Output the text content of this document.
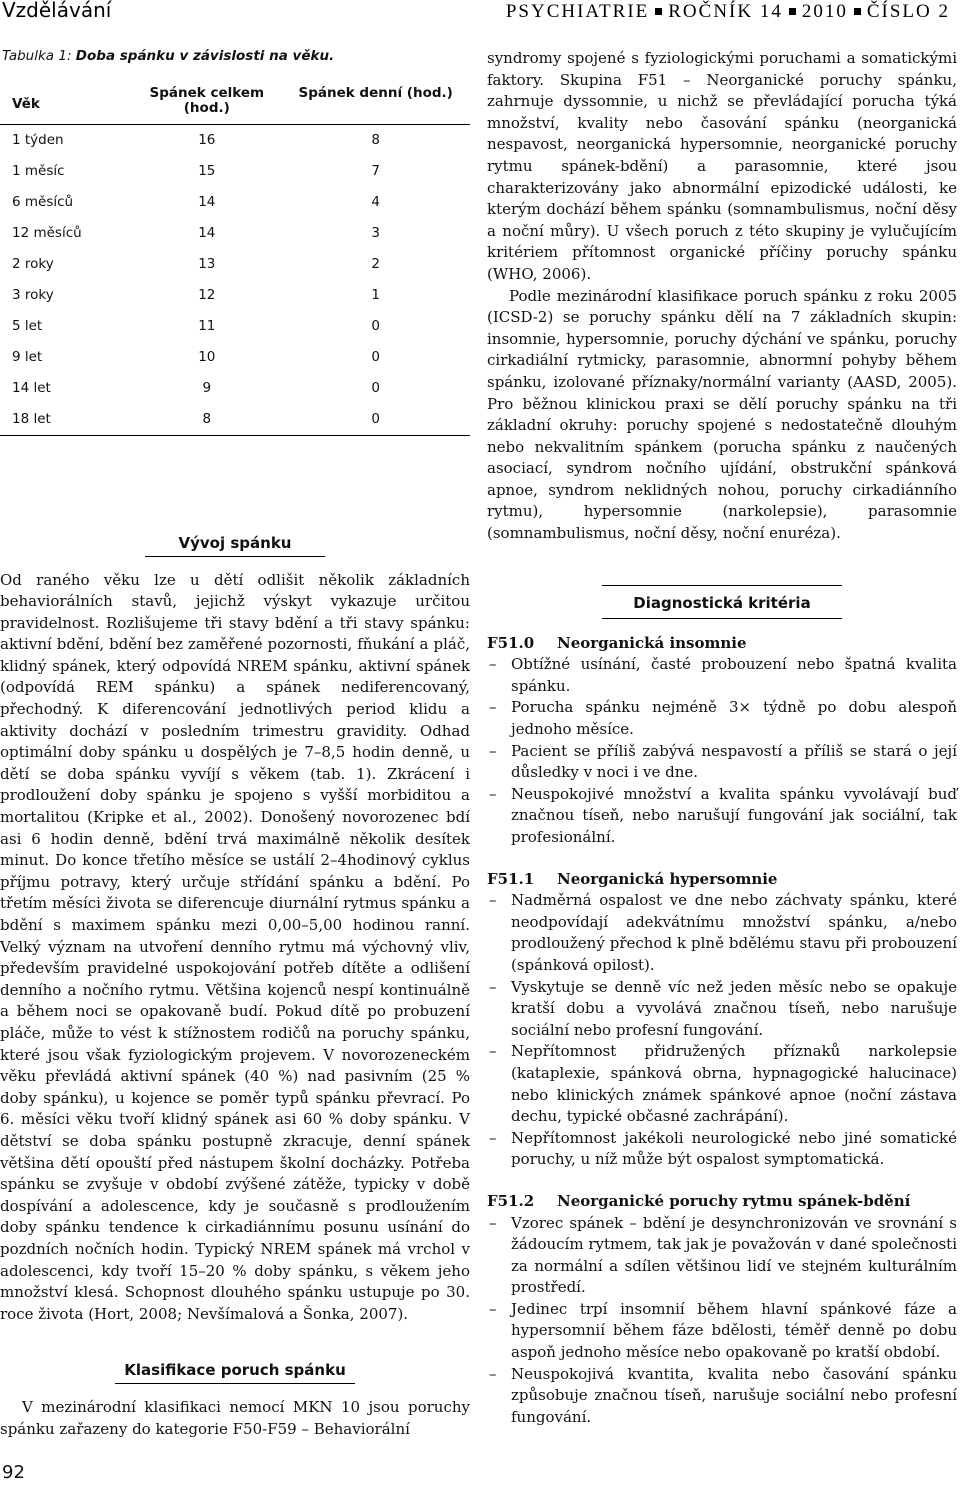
Vzdělávání	PSYCHIATRIE ROČNÍK 14 2010 ČÍSLO 2
Tabulka 1: Doba spánku v závislosti na věku.
Věk	Spánek celkem (hod.)	Spánek denní (hod.)
1 týden	16	8
1 měsíc	15	7
6 měsíců	14	4
12 měsíců	14	3
2 roky	13	2
3 roky	12	1
5 let	11	0
9 let	10	0
14 let	9	0
18 let	8	0
Vývoj spánku

Od raného věku lze u dětí odlišit několik základních behaviorálních stavů, jejichž výskyt vykazuje určitou pravidelnost. Rozlišujeme tři stavy bdění a tři stavy spánku: aktivní bdění, bdění bez zaměřené pozornosti, fňukání a pláč, klidný spánek, který odpovídá NREM spánku, aktivní spánek (odpovídá REM spánku) a spánek nediferencovaný, přechodný. K diferencování jednotlivých period klidu a aktivity dochází v posledním trimestru gravidity. Odhad optimální doby spánku u dospělých je 7–8,5 hodin denně, u dětí se doba spánku vyvíjí s věkem (tab. 1). Zkrácení i prodloužení doby spánku je spojeno s vyšší morbiditou a mortalitou (Kripke et al., 2002). Donošený novorozenec bdí asi 6 hodin denně, bdění trvá maximálně několik desítek minut. Do konce třetího měsíce se ustálí 2–4hodinový cyklus příjmu potravy, který určuje střídání spánku a bdění. Po třetím měsíci života se diferencuje diurnální rytmus spánku a bdění s maximem spánku mezi 0,00–5,00 hodinou ranní. Velký význam na utvoření denního rytmu má výchovný vliv, především pravidelné uspokojování potřeb dítěte a odlišení denního a nočního rytmu. Většina kojenců nespí kontinuálně a během noci se opakovaně budí. Pokud dítě po probuzení pláče, může to vést k stížnostem rodičů na poruchy spánku, které jsou však fyziologickým projevem. V novorozeneckém věku převládá aktivní spánek (40 %) nad pasivním (25 % doby spánku), u kojence se poměr typů spánku převrací. Po 6. měsíci věku tvoří klidný spánek asi 60 % doby spánku. V dětství se doba spánku postupně zkracuje, denní spánek většina dětí opouští před nástupem školní docházky. Potřeba spánku se zvyšuje v období zvýšené zátěže, typicky v době dospívání a adolescence, kdy je současně s prodloužením doby spánku tendence k cirkadiánnímu posunu usínání do pozdních nočních hodin. Typický NREM spánek má vrchol v adolescenci, kdy tvoří 15–20 % doby spánku, s věkem jeho množství klesá. Schopnost dlouhého spánku ustupuje po 30. roce života (Hort, 2008; Nevšímalová a Šonka, 2007).

Klasifikace poruch spánku

V mezinárodní klasifikaci nemocí MKN 10 jsou poruchy spánku zařazeny do kategorie F50-F59 – Behaviorální

syndromy spojené s fyziologickými poruchami a somatickými faktory. Skupina F51 – Neorganické poruchy spánku, zahrnuje dyssomnie, u nichž se převládající porucha týká množství, kvality nebo časování spánku (neorganická nespavost, neorganická hypersomnie, neorganické poruchy rytmu spánek-bdění) a parasomnie, které jsou charakterizovány jako abnormální epizodické události, ke kterým dochází během spánku (somnambulismus, noční děsy a noční můry). U všech poruch z této skupiny je vylučujícím kritériem přítomnost organické příčiny poruchy spánku (WHO, 2006).

Podle mezinárodní klasifikace poruch spánku z roku 2005 (ICSD-2) se poruchy spánku dělí na 7 základních skupin: insomnie, hypersomnie, poruchy dýchání ve spánku, poruchy cirkadiální rytmicky, parasomnie, abnormní pohyby během spánku, izolované příznaky/normální varianty (AASD, 2005). Pro běžnou klinickou praxi se dělí poruchy spánku na tři základní okruhy: poruchy spojené s nedostatečně dlouhým nebo nekvalitním spánkem (porucha spánku z naučených asociací, syndrom nočního ujídání, obstrukční spánková apnoe, syndrom neklidných nohou, poruchy cirkadiánního rytmu), hypersomnie (narkolepsie), parasomnie (somnambulismus, noční děsy, noční enuréza).

Diagnostická kritéria
F51.0 Neorganická insomnie
– Obtížné usínání, časté probouzení nebo špatná kvalita spánku.
– Porucha spánku nejméně 3× týdně po dobu alespoň jednoho měsíce.
– Pacient se příliš zabývá nespavostí a příliš se stará o její důsledky v noci i ve dne.
– Neuspokojivé množství a kvalita spánku vyvolávají buď značnou tíseň, nebo narušují fungování jak sociální, tak profesionální.
F51.1 Neorganická hypersomnie
– Nadměrná ospalost ve dne nebo záchvaty spánku, které neodpovídají adekvátnímu množství spánku, a/nebo prodloužený přechod k plně bdělému stavu při probouzení (spánková opilost).
– Vyskytuje se denně víc než jeden měsíc nebo se opakuje kratší dobu a vyvolává značnou tíseň, nebo narušuje sociální nebo profesní fungování.
– Nepřítomnost přidružených příznaků narkolepsie (kataplexie, spánková obrna, hypnagogické halucinace) nebo klinických známek spánkové apnoe (noční zástava dechu, typické občasné zachrápání).
– Nepřítomnost jakékoli neurologické nebo jiné somatické poruchy, u níž může být ospalost symptomatická.
F51.2 Neorganické poruchy rytmu spánek-bdění
– Vzorec spánek – bdění je desynchronizován ve srovnání s žádoucím rytmem, tak jak je považován v dané společnosti za normální a sdílen většinou lidí ve stejném kulturálním prostředí.
– Jedinec trpí insomnií během hlavní spánkové fáze a hypersomnií během fáze bdělosti, téměř denně po dobu aspoň jednoho měsíce nebo opakovaně po kratší období.
– Neuspokojivá kvantita, kvalita nebo časování spánku způsobuje značnou tíseň, narušuje sociální nebo profesní fungování.
92
